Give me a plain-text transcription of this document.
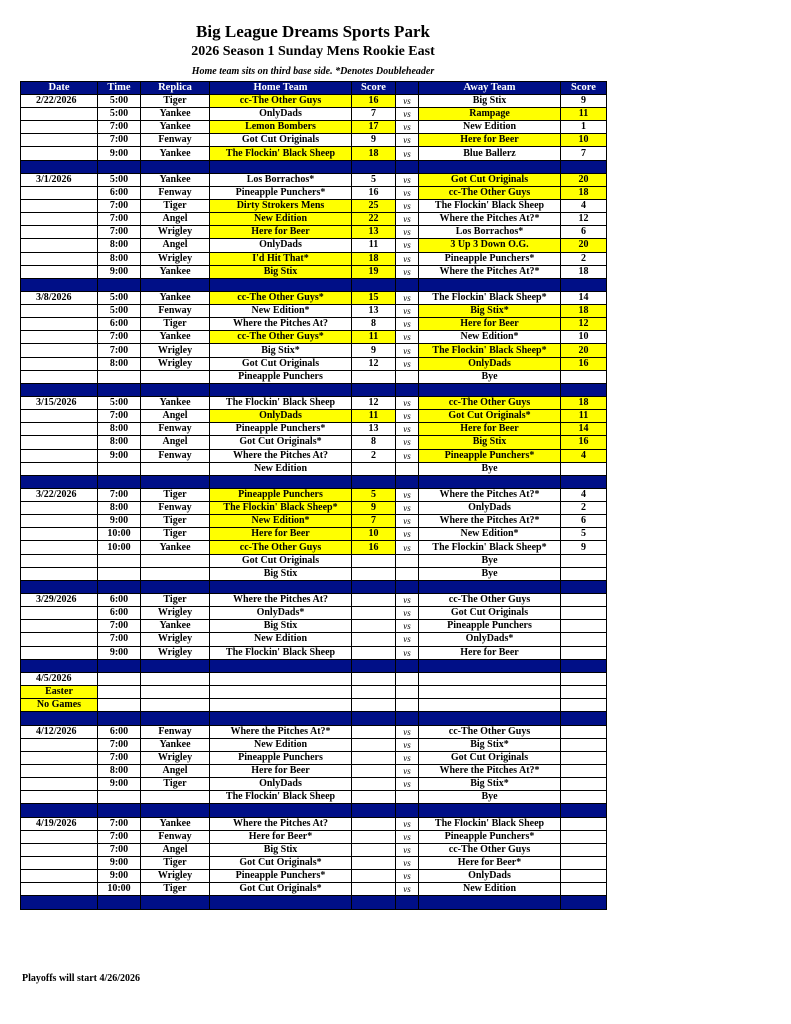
Big League Dreams Sports Park
2026 Season 1 Sunday Mens Rookie East
Home team sits on third base side. *Denotes Doubleheader
Date	Time	Replica	Home Team	Score		Away Team	Score
2/22/2026	5:00	Tiger	cc-The Other Guys	16	vs	Big Stix	9
	5:00	Yankee	OnlyDads	7	vs	Rampage	11
	7:00	Yankee	Lemon Bombers	17	vs	New Edition	1
	7:00	Fenway	Got Cut Originals	9	vs	Here for Beer	10
	9:00	Yankee	The Flockin' Black Sheep	18	vs	Blue Ballerz	7

3/1/2026	5:00	Yankee	Los Borrachos*	5	vs	Got Cut Originals	20
	6:00	Fenway	Pineapple Punchers*	16	vs	cc-The Other Guys	18
	7:00	Tiger	Dirty Strokers Mens	25	vs	The Flockin' Black Sheep	4
	7:00	Angel	New Edition	22	vs	Where the Pitches At?*	12
	7:00	Wrigley	Here for Beer	13	vs	Los Borrachos*	6
	8:00	Angel	OnlyDads	11	vs	3 Up 3 Down O.G.	20
	8:00	Wrigley	I'd Hit That*	18	vs	Pineapple Punchers*	2
	9:00	Yankee	Big Stix	19	vs	Where the Pitches At?*	18

3/8/2026	5:00	Yankee	cc-The Other Guys*	15	vs	The Flockin' Black Sheep*	14
	5:00	Fenway	New Edition*	13	vs	Big Stix*	18
	6:00	Tiger	Where the Pitches At?	8	vs	Here for Beer	12
	7:00	Yankee	cc-The Other Guys*	11	vs	New Edition*	10
	7:00	Wrigley	Big Stix*	9	vs	The Flockin' Black Sheep*	20
	8:00	Wrigley	Got Cut Originals	12	vs	OnlyDads	16
			Pineapple Punchers			Bye	

3/15/2026	5:00	Yankee	The Flockin' Black Sheep	12	vs	cc-The Other Guys	18
	7:00	Angel	OnlyDads	11	vs	Got Cut Originals*	11
	8:00	Fenway	Pineapple Punchers*	13	vs	Here for Beer	14
	8:00	Angel	Got Cut Originals*	8	vs	Big Stix	16
	9:00	Fenway	Where the Pitches At?	2	vs	Pineapple Punchers*	4
			New Edition			Bye	

3/22/2026	7:00	Tiger	Pineapple Punchers	5	vs	Where the Pitches At?*	4
	8:00	Fenway	The Flockin' Black Sheep*	9	vs	OnlyDads	2
	9:00	Tiger	New Edition*	7	vs	Where the Pitches At?*	6
	10:00	Tiger	Here for Beer	10	vs	New Edition*	5
	10:00	Yankee	cc-The Other Guys	16	vs	The Flockin' Black Sheep*	9
			Got Cut Originals			Bye	
			Big Stix			Bye	

3/29/2026	6:00	Tiger	Where the Pitches At?		vs	cc-The Other Guys	
	6:00	Wrigley	OnlyDads*		vs	Got Cut Originals	
	7:00	Yankee	Big Stix		vs	Pineapple Punchers	
	7:00	Wrigley	New Edition		vs	OnlyDads*	
	9:00	Wrigley	The Flockin' Black Sheep		vs	Here for Beer	

4/5/2026							
Easter							
No Games							

4/12/2026	6:00	Fenway	Where the Pitches At?*		vs	cc-The Other Guys	
	7:00	Yankee	New Edition		vs	Big Stix*	
	7:00	Wrigley	Pineapple Punchers		vs	Got Cut Originals	
	8:00	Angel	Here for Beer		vs	Where the Pitches At?*	
	9:00	Tiger	OnlyDads		vs	Big Stix*	
			The Flockin' Black Sheep			Bye	

4/19/2026	7:00	Yankee	Where the Pitches At?		vs	The Flockin' Black Sheep	
	7:00	Fenway	Here for Beer*		vs	Pineapple Punchers*	
	7:00	Angel	Big Stix		vs	cc-The Other Guys	
	9:00	Tiger	Got Cut Originals*		vs	Here for Beer*	
	9:00	Wrigley	Pineapple Punchers*		vs	OnlyDads	
	10:00	Tiger	Got Cut Originals*		vs	New Edition	

Playoffs will start 4/26/2026
